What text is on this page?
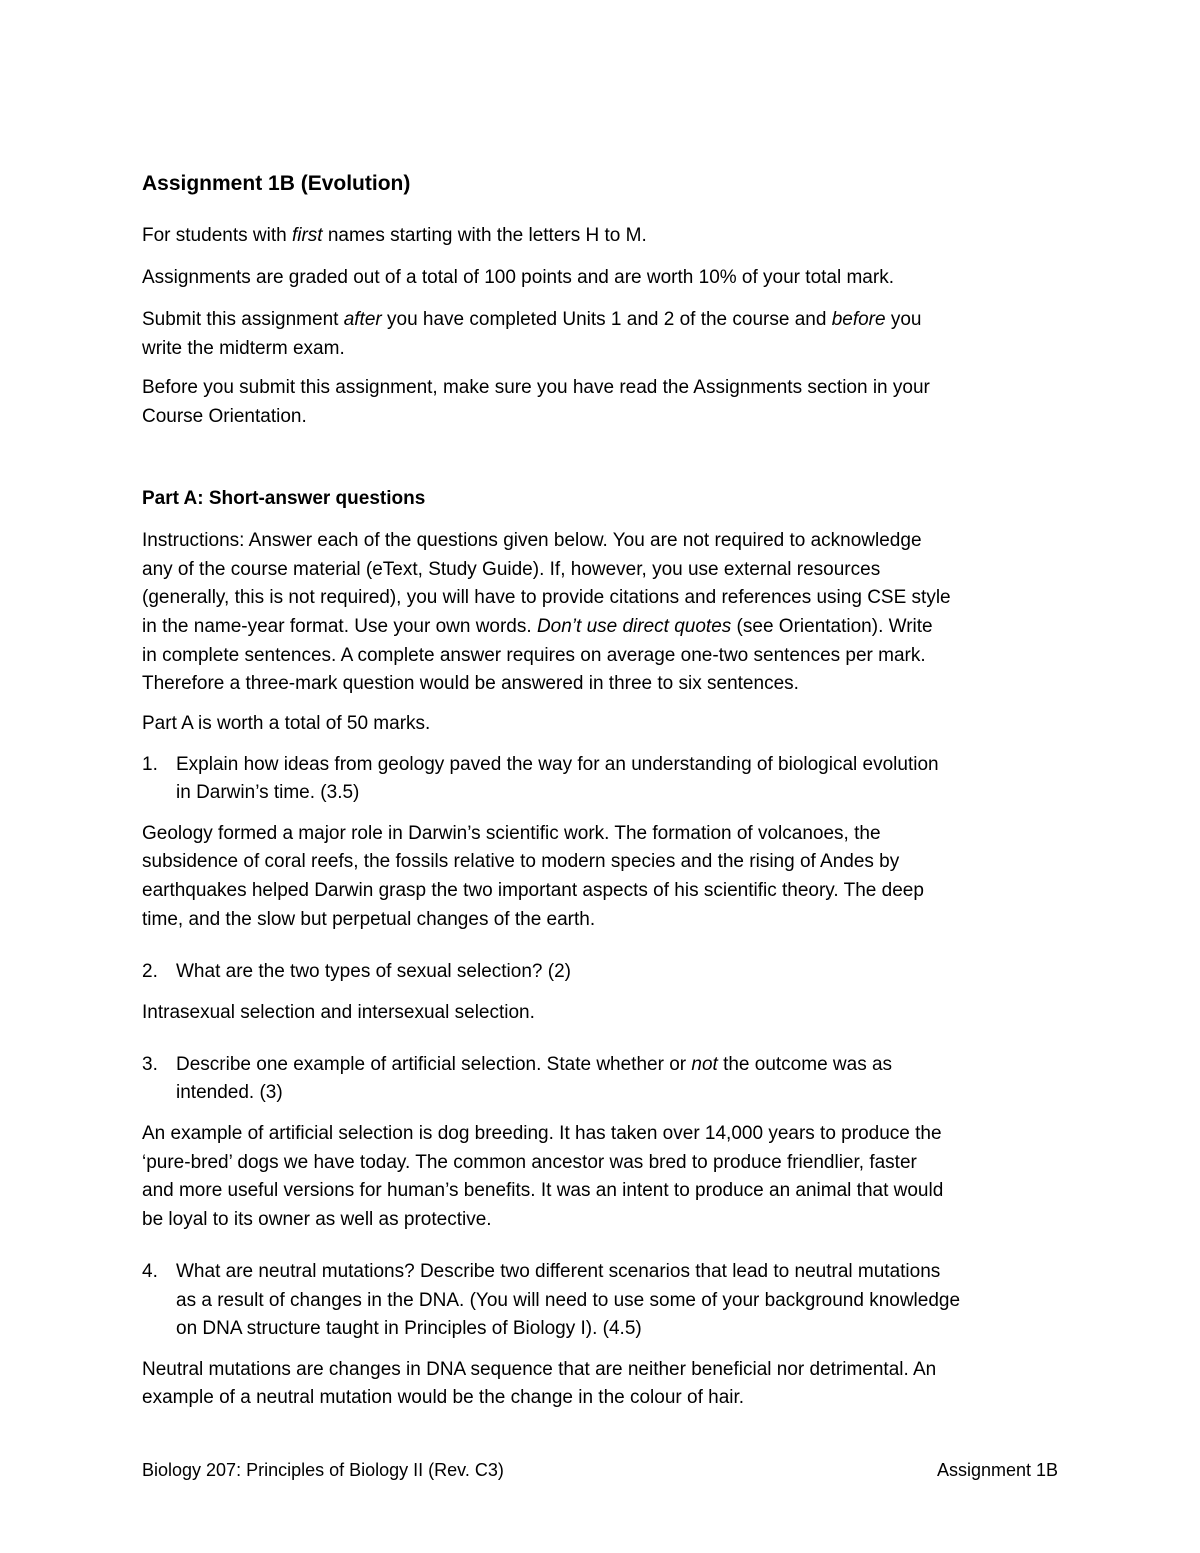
Assignment 1B (Evolution)

For students with first names starting with the letters H to M.

Assignments are graded out of a total of 100 points and are worth 10% of your total mark.

Submit this assignment after you have completed Units 1 and 2 of the course and before you

write the midterm exam.

Before you submit this assignment, make sure you have read the Assignments section in your

Course Orientation.

Part A: Short-answer questions

Instructions: Answer each of the questions given below. You are not required to acknowledge

any of the course material (eText, Study Guide). If, however, you use external resources

(generally, this is not required), you will have to provide citations and references using CSE style

in the name-year format. Use your own words. Don’t use direct quotes (see Orientation). Write

in complete sentences. A complete answer requires on average one-two sentences per mark.

Therefore a three-mark question would be answered in three to six sentences.

Part A is worth a total of 50 marks.

1. Explain how ideas from geology paved the way for an understanding of biological evolution

in Darwin’s time. (3.5)

Geology formed a major role in Darwin’s scientific work. The formation of volcanoes, the

subsidence of coral reefs, the fossils relative to modern species and the rising of Andes by

earthquakes helped Darwin grasp the two important aspects of his scientific theory. The deep

time, and the slow but perpetual changes of the earth.

2. What are the two types of sexual selection? (2)

Intrasexual selection and intersexual selection.

3. Describe one example of artificial selection. State whether or not the outcome was as

intended. (3)

An example of artificial selection is dog breeding. It has taken over 14,000 years to produce the

‘pure-bred’ dogs we have today. The common ancestor was bred to produce friendlier, faster

and more useful versions for human’s benefits. It was an intent to produce an animal that would

be loyal to its owner as well as protective.

4. What are neutral mutations? Describe two different scenarios that lead to neutral mutations

as a result of changes in the DNA. (You will need to use some of your background knowledge

on DNA structure taught in Principles of Biology I). (4.5)

Neutral mutations are changes in DNA sequence that are neither beneficial nor detrimental. An

example of a neutral mutation would be the change in the colour of hair.

Biology 207: Principles of Biology II (Rev. C3)	Assignment 1B
